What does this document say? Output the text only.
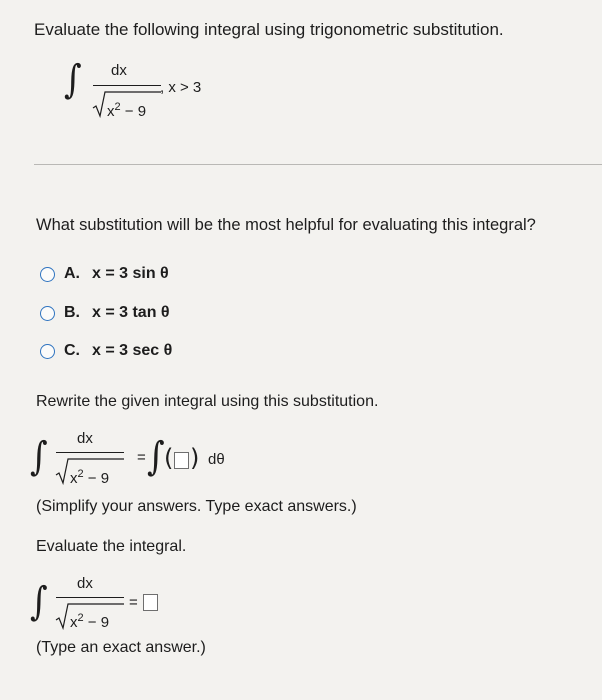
Evaluate the following integral using trigonometric substitution.
∫ dx
$x^2 - 9$
, x > 3
What substitution will be the most helpful for evaluating this integral?
A. x = 3 sin θ
B. x = 3 tan θ
C. x = 3 sec θ
Rewrite the given integral using this substitution.
∫ dx
$x^2 - 9$
= ∫ ( ) dθ
(Simplify your answers. Type exact answers.)
Evaluate the integral.
∫ dx
$x^2 - 9$
=
(Type an exact answer.)
